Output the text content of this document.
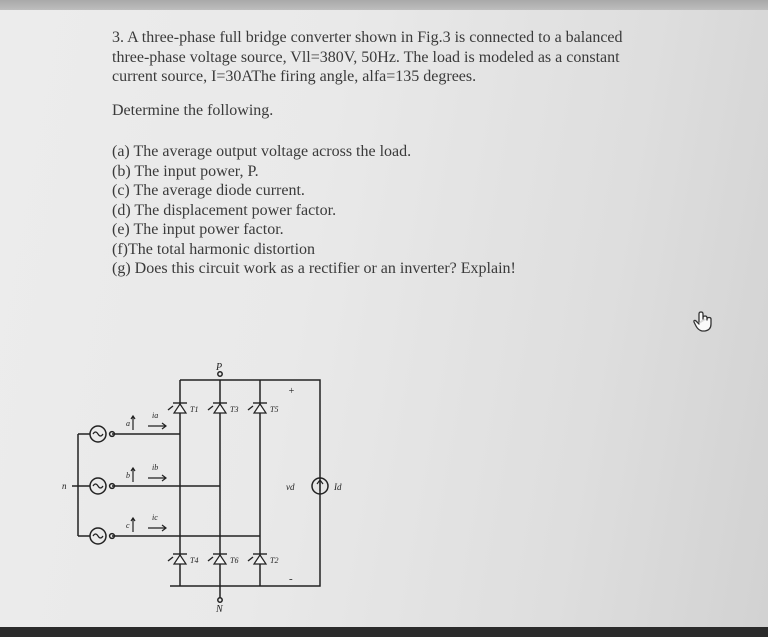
3. A three-phase full bridge converter shown in Fig.3 is connected to a balanced
three-phase voltage source, Vll=380V, 50Hz. The load is modeled as a constant
current source, I=30AThe firing angle, alfa=135 degrees.
Determine the following.
(a) The average output voltage across the load.
(b) The input power, P.
(c) The average diode current.
(d) The displacement power factor.
(e) The input power factor.
(f)The total harmonic distortion
(g) Does this circuit work as a rectifier or an inverter? Explain!
P
N
n
+
-
vd	Id
a
b
c
ia
ib
ic
T1	T3	T5
T4	T6	T2
